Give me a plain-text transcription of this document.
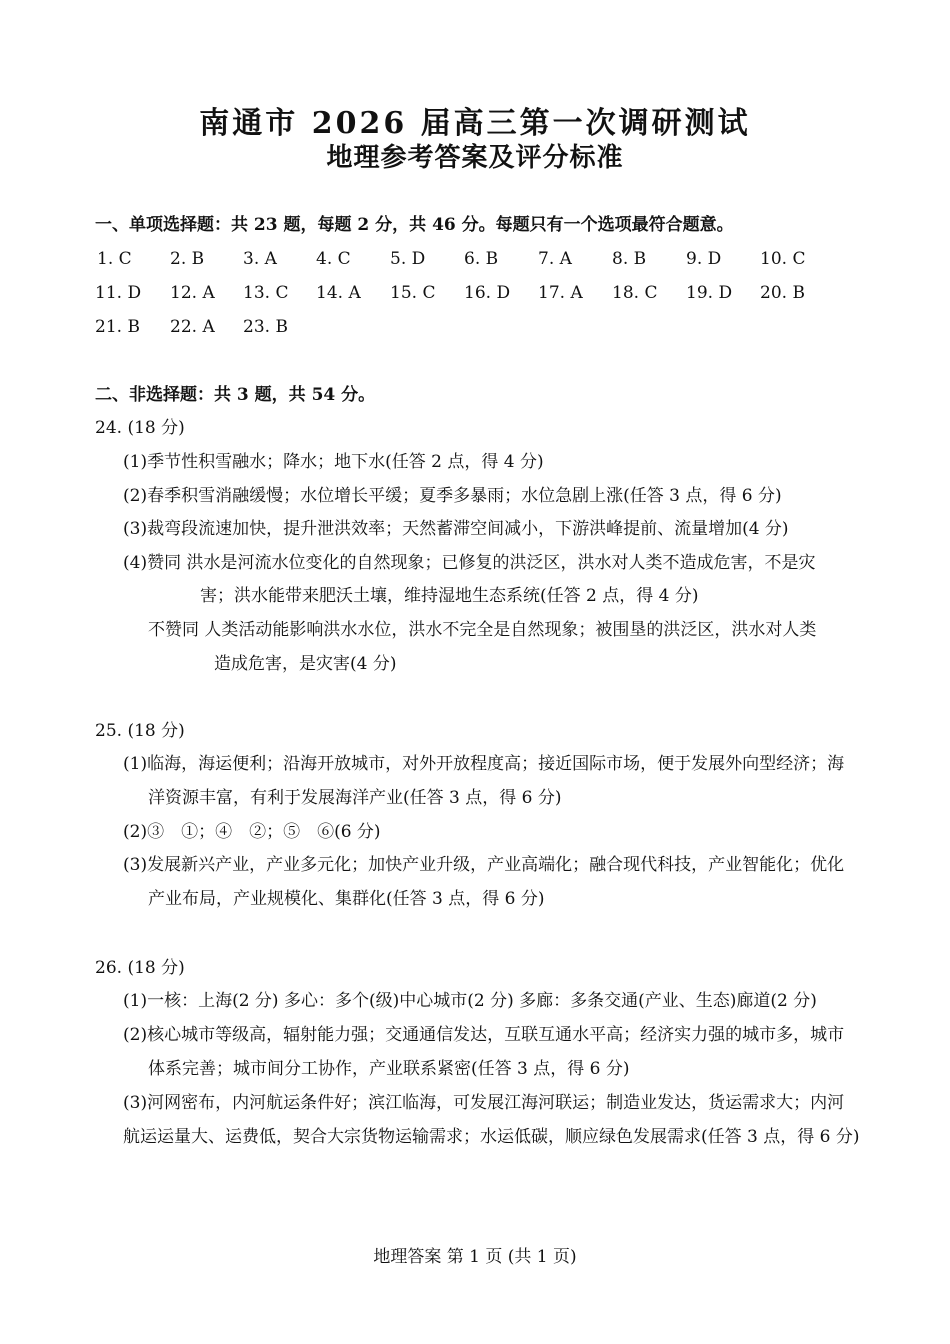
南通市 2026 届高三第一次调研测试
地理参考答案及评分标准
一、单项选择题：共 23 题，每题 2 分，共 46 分。每题只有一个选项最符合题意。
1. C 2. B 3. A 4. C 5. D 6. B 7. A 8. B 9. D 10. C
11. D 12. A 13. C 14. A 15. C 16. D 17. A 18. C 19. D 20. B
21. B 22. A 23. B
二、非选择题：共 3 题，共 54 分。
24. (18 分)
(1)季节性积雪融水；降水；地下水(任答 2 点，得 4 分)
(2)春季积雪消融缓慢；水位增长平缓；夏季多暴雨；水位急剧上涨(任答 3 点，得 6 分)
(3)裁弯段流速加快，提升泄洪效率；天然蓄滞空间减小，下游洪峰提前、流量增加(4 分)
(4)赞同 洪水是河流水位变化的自然现象；已修复的洪泛区，洪水对人类不造成危害，不是灾
害；洪水能带来肥沃土壤，维持湿地生态系统(任答 2 点，得 4 分)
不赞同 人类活动能影响洪水水位，洪水不完全是自然现象；被围垦的洪泛区，洪水对人类
造成危害，是灾害(4 分)
25. (18 分)
(1)临海，海运便利；沿海开放城市，对外开放程度高；接近国际市场，便于发展外向型经济；海
洋资源丰富，有利于发展海洋产业(任答 3 点，得 6 分)
(2)③　①；④　②；⑤　⑥(6 分)
(3)发展新兴产业，产业多元化；加快产业升级，产业高端化；融合现代科技，产业智能化；优化
产业布局，产业规模化、集群化(任答 3 点，得 6 分)
26. (18 分)
(1)一核：上海(2 分) 多心：多个(级)中心城市(2 分) 多廊：多条交通(产业、生态)廊道(2 分)
(2)核心城市等级高，辐射能力强；交通通信发达，互联互通水平高；经济实力强的城市多，城市
体系完善；城市间分工协作，产业联系紧密(任答 3 点，得 6 分)
(3)河网密布，内河航运条件好；滨江临海，可发展江海河联运；制造业发达，货运需求大；内河
航运运量大、运费低，契合大宗货物运输需求；水运低碳，顺应绿色发展需求(任答 3 点，得 6 分)
地理答案 第 1 页 (共 1 页)
